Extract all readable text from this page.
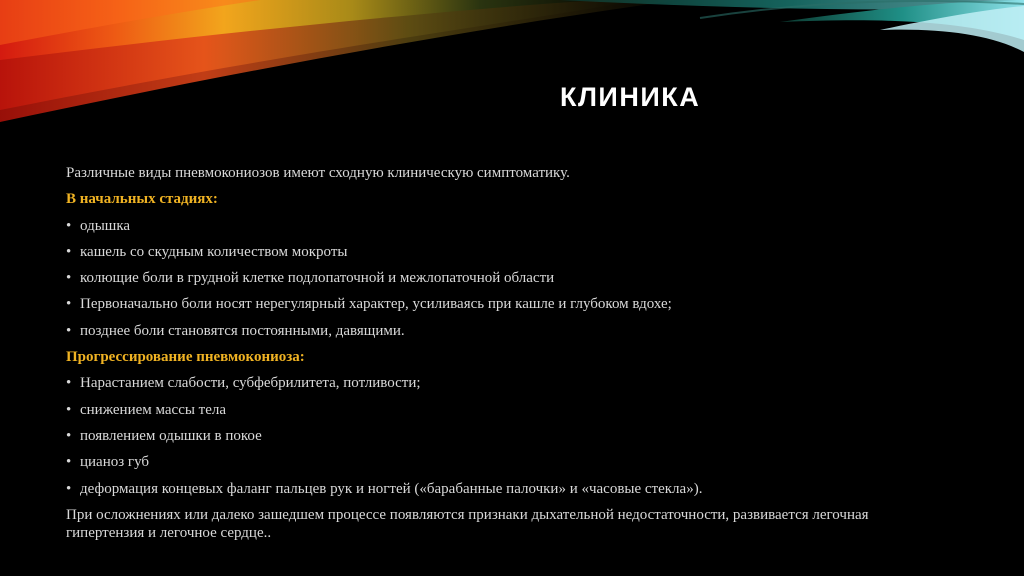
КЛИНИКА
Различные виды пневмокониозов имеют сходную клиническую симптоматику.
В начальных стадиях:
• одышка
• кашель со скудным количеством мокроты
• колющие боли в грудной клетке подлопаточной и межлопаточной области
• Первоначально боли носят нерегулярный характер, усиливаясь при кашле и глубоком вдохе;
• позднее боли становятся постоянными, давящими.
Прогрессирование пневмокониоза:
• Нарастанием слабости, субфебрилитета, потливости;
• снижением массы тела
• появлением одышки в покое
• цианоз губ
• деформация концевых фаланг пальцев рук и ногтей («барабанные палочки» и «часовые стекла»).
При осложнениях или далеко зашедшем процессе появляются признаки дыхательной недостаточности, развивается легочная гипертензия и легочное сердце..
